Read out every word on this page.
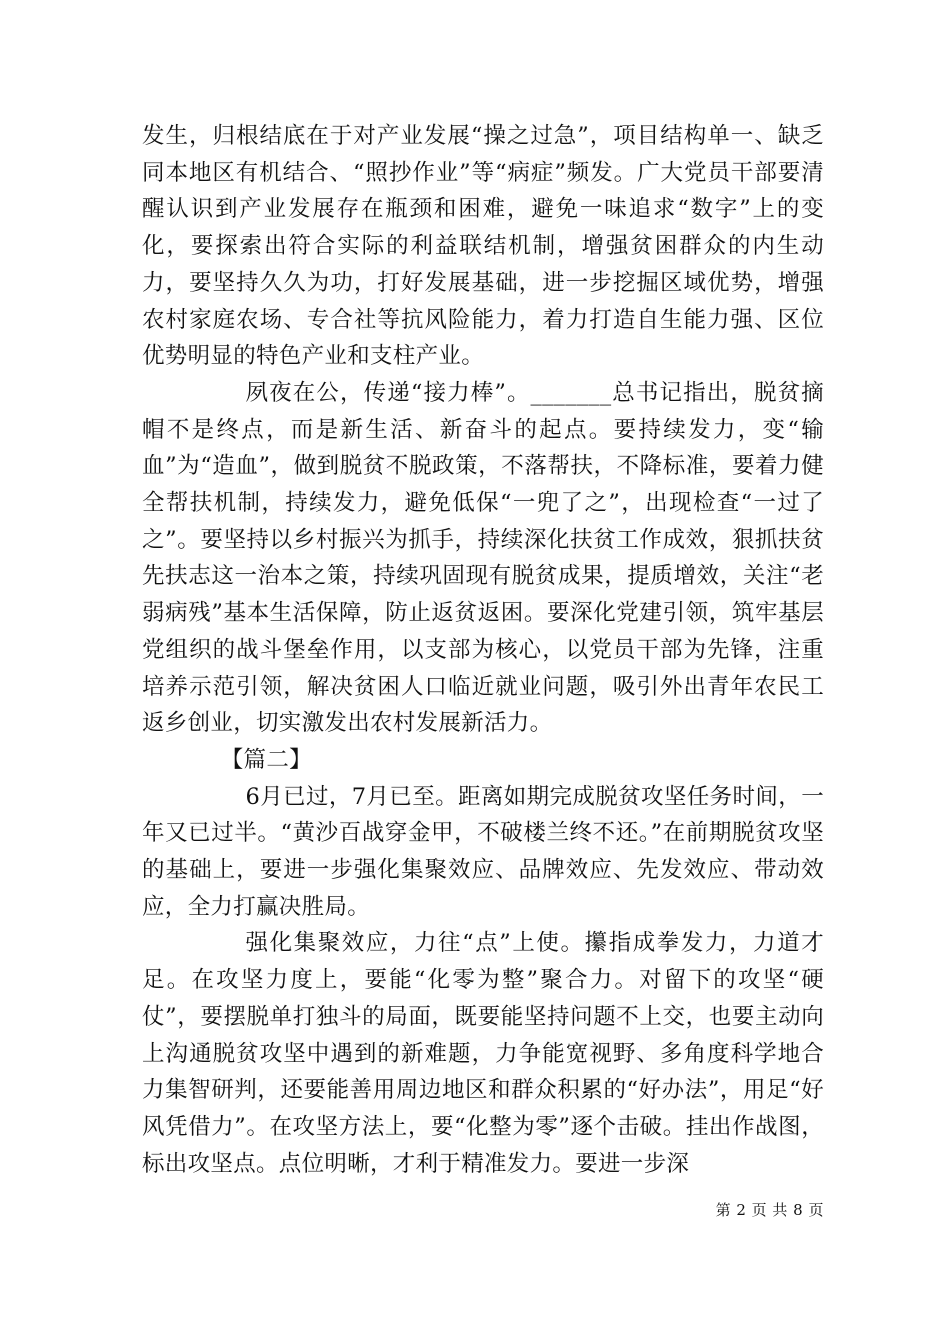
发生，归根结底在于对产业发展“操之过急”，项目结构单一、缺乏同本地区有机结合、“照抄作业”等“病症”频发。广大党员干部要清醒认识到产业发展存在瓶颈和困难，避免一味追求“数字”上的变化，要探索出符合实际的利益联结机制，增强贫困群众的内生动力，要坚持久久为功，打好发展基础，进一步挖掘区域优势，增强农村家庭农场、专合社等抗风险能力，着力打造自生能力强、区位优势明显的特色产业和支柱产业。

夙夜在公，传递“接力棒”。_______总书记指出，脱贫摘帽不是终点，而是新生活、新奋斗的起点。要持续发力，变“输血”为“造血”，做到脱贫不脱政策，不落帮扶，不降标准，要着力健全帮扶机制，持续发力，避免低保“一兜了之”，出现检查“一过了之”。要坚持以乡村振兴为抓手，持续深化扶贫工作成效，狠抓扶贫先扶志这一治本之策，持续巩固现有脱贫成果，提质增效，关注“老弱病残”基本生活保障，防止返贫返困。要深化党建引领，筑牢基层党组织的战斗堡垒作用，以支部为核心，以党员干部为先锋，注重培养示范引领，解决贫困人口临近就业问题，吸引外出青年农民工返乡创业，切实激发出农村发展新活力。

【篇二】

6月已过，7月已至。距离如期完成脱贫攻坚任务时间，一年又已过半。“黄沙百战穿金甲，不破楼兰终不还。”在前期脱贫攻坚的基础上，要进一步强化集聚效应、品牌效应、先发效应、带动效应，全力打赢决胜局。

强化集聚效应，力往“点”上使。攥指成拳发力，力道才足。在攻坚力度上，要能“化零为整”聚合力。对留下的攻坚“硬仗”，要摆脱单打独斗的局面，既要能坚持问题不上交，也要主动向上沟通脱贫攻坚中遇到的新难题，力争能宽视野、多角度科学地合力集智研判，还要能善用周边地区和群众积累的“好办法”，用足“好风凭借力”。在攻坚方法上，要“化整为零”逐个击破。挂出作战图，标出攻坚点。点位明晰，才利于精准发力。要进一步深

第 2 页 共 8 页
